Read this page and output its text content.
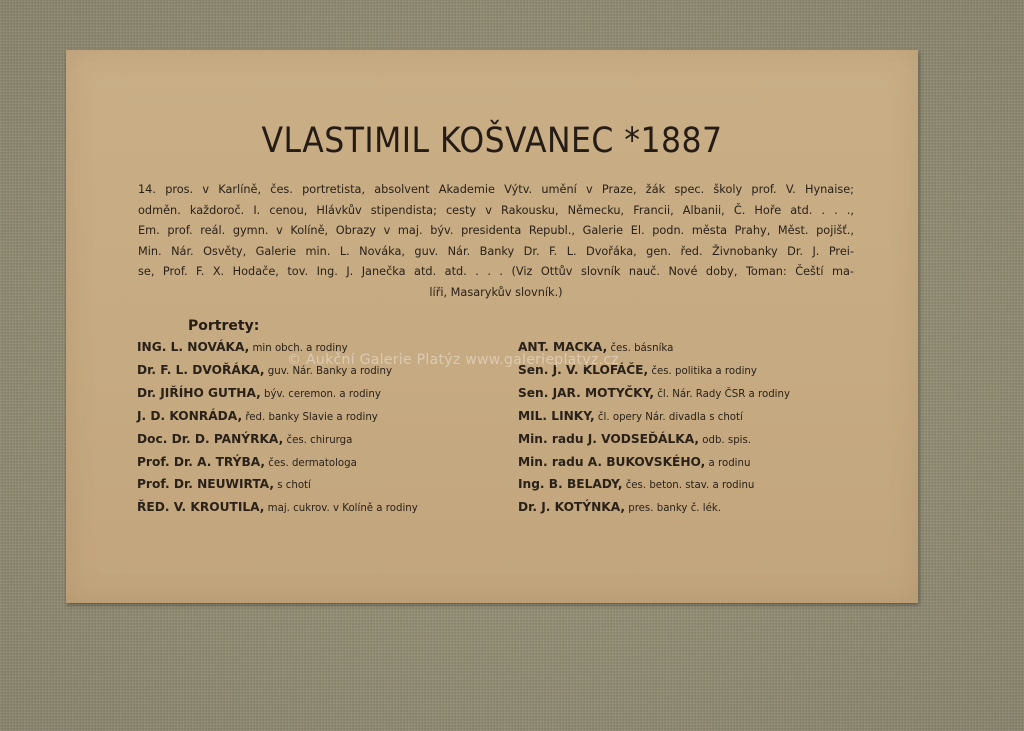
VLASTIMIL KOŠVANEC *1887
14. pros. v Karlíně, čes. portretista, absolvent Akademie Výtv. umění v Praze, žák spec. školy prof. V. Hynaise;
odměn. každoroč. I. cenou, Hlávkův stipendista; cesty v Rakousku, Německu, Francii, Albanii, Č. Hoře atd. . . .,
Em. prof. reál. gymn. v Kolíně, Obrazy v maj. býv. presidenta Republ., Galerie El. podn. města Prahy, Měst. pojišť.,
Min. Nár. Osvěty, Galerie min. L. Nováka, guv. Nár. Banky Dr. F. L. Dvořáka, gen. řed. Živnobanky Dr. J. Prei-
se, Prof. F. X. Hodače, tov. Ing. J. Janečka atd. atd. . . . (Viz Ottův slovník nauč. Nové doby, Toman: Čeští ma-
líři, Masarykův slovník.)
Portrety:
ING. L. NOVÁKA, min obch. a rodiny
Dr. F. L. DVOŘÁKA, guv. Nár. Banky a rodiny
Dr. JIŘÍHO GUTHA, býv. ceremon. a rodiny
J. D. KONRÁDA, řed. banky Slavie a rodiny
Doc. Dr. D. PANÝRKA, čes. chirurga
Prof. Dr. A. TRÝBA, čes. dermatologa
Prof. Dr. NEUWIRTA, s chotí
ŘED. V. KROUTILA, maj. cukrov. v Kolíně a rodiny
ANT. MACKA, čes. básníka
Sen. J. V. KLOFÁČE, čes. politika a rodiny
Sen. JAR. MOTYČKY, čl. Nár. Rady ČSR a rodiny
MIL. LINKY, čl. opery Nár. divadla s chotí
Min. radu J. VODSEĎÁLKA, odb. spis.
Min. radu A. BUKOVSKÉHO, a rodinu
Ing. B. BELADY, čes. beton. stav. a rodinu
Dr. J. KOTÝNKA, pres. banky č. lék.
© Aukční Galerie Platýz www.galerieplatyz.cz
